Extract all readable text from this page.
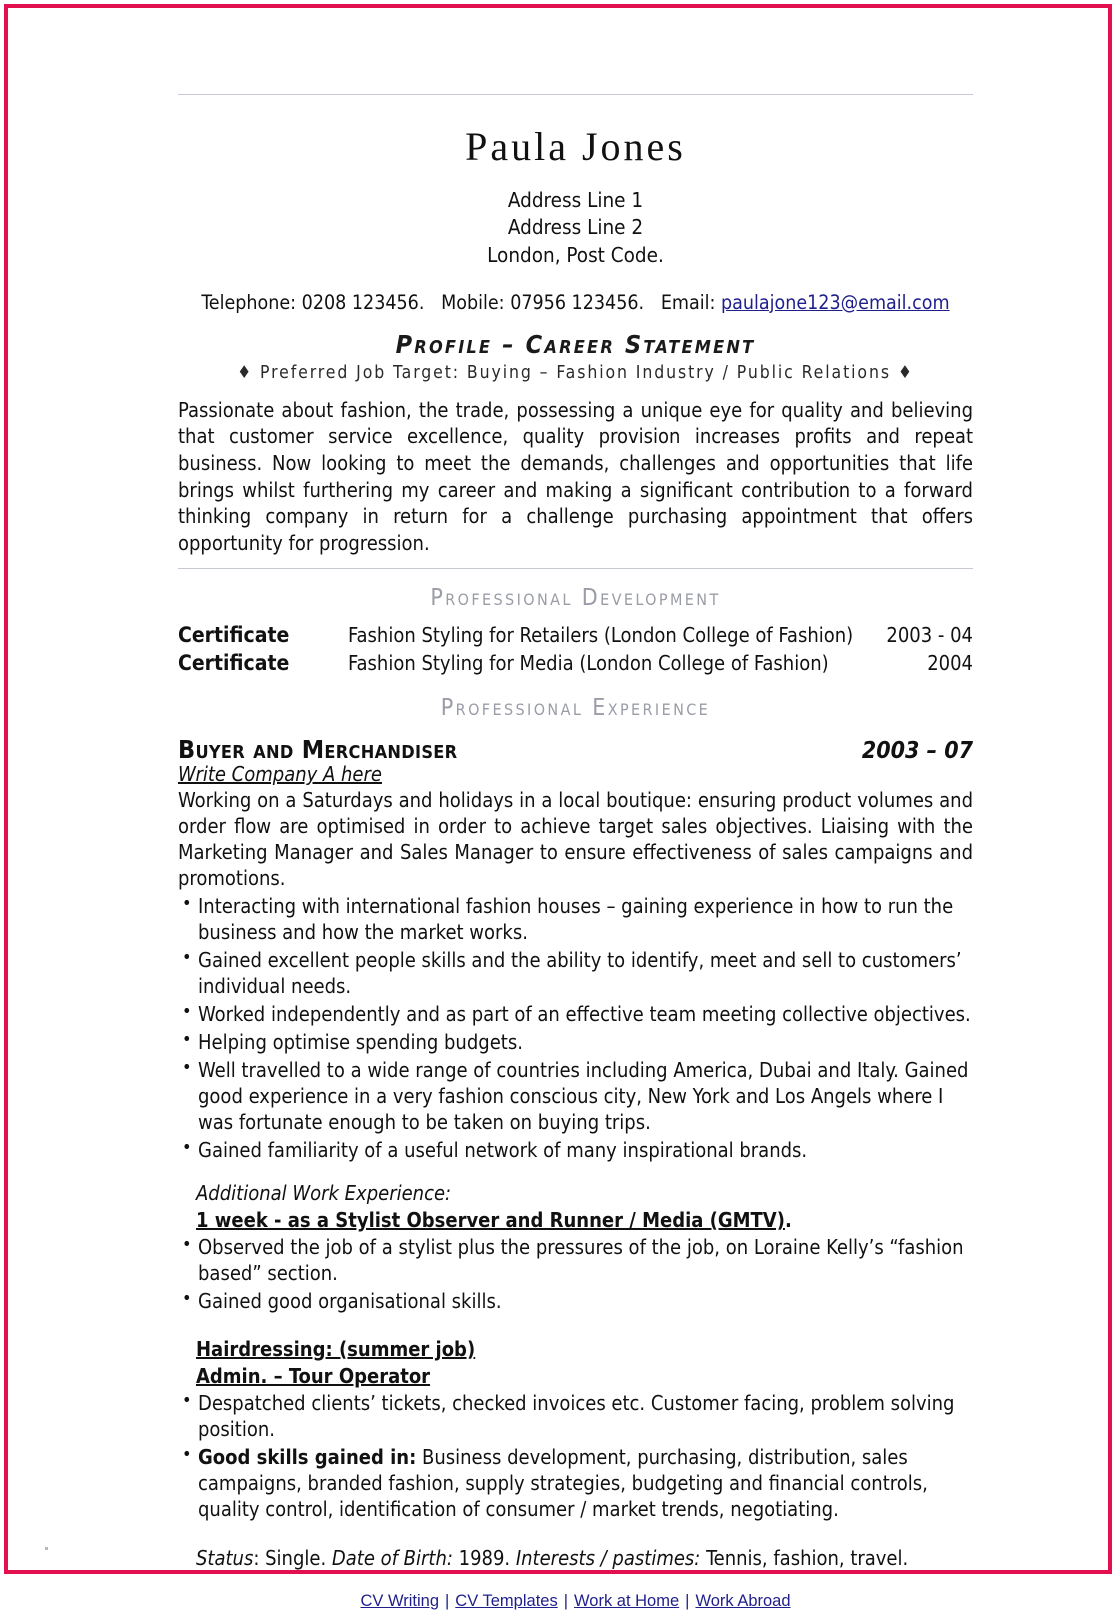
Paula Jones
Address Line 1
Address Line 2
London, Post Code.
Telephone: 0208 123456. Mobile: 07956 123456. Email: paulajone123@email.com
Profile – Career Statement
♦ Preferred Job Target: Buying – Fashion Industry / Public Relations ♦
Passionate about fashion, the trade, possessing a unique eye for quality and believing that customer service excellence, quality provision increases profits and repeat business. Now looking to meet the demands, challenges and opportunities that life brings whilst furthering my career and making a significant contribution to a forward thinking company in return for a challenge purchasing appointment that offers opportunity for progression.
Professional Development
Certificate	Fashion Styling for Retailers (London College of Fashion)	2003 - 04
Certificate	Fashion Styling for Media (London College of Fashion)	2004
Professional Experience
Buyer and Merchandiser	2003 – 07
Write Company A here
Working on a Saturdays and holidays in a local boutique: ensuring product volumes and order flow are optimised in order to achieve target sales objectives. Liaising with the Marketing Manager and Sales Manager to ensure effectiveness of sales campaigns and promotions.
• Interacting with international fashion houses – gaining experience in how to run the business and how the market works.
• Gained excellent people skills and the ability to identify, meet and sell to customers’ individual needs.
• Worked independently and as part of an effective team meeting collective objectives.
• Helping optimise spending budgets.
• Well travelled to a wide range of countries including America, Dubai and Italy. Gained good experience in a very fashion conscious city, New York and Los Angels where I was fortunate enough to be taken on buying trips.
• Gained familiarity of a useful network of many inspirational brands.
Additional Work Experience:
1 week - as a Stylist Observer and Runner / Media (GMTV).
• Observed the job of a stylist plus the pressures of the job, on Loraine Kelly’s “fashion based” section.
• Gained good organisational skills.
Hairdressing: (summer job)
Admin. – Tour Operator
• Despatched clients’ tickets, checked invoices etc. Customer facing, problem solving position.
• Good skills gained in: Business development, purchasing, distribution, sales campaigns, branded fashion, supply strategies, budgeting and financial controls, quality control, identification of consumer / market trends, negotiating.
Status: Single. Date of Birth: 1989. Interests / pastimes: Tennis, fashion, travel.
CV Writing | CV Templates | Work at Home | Work Abroad
